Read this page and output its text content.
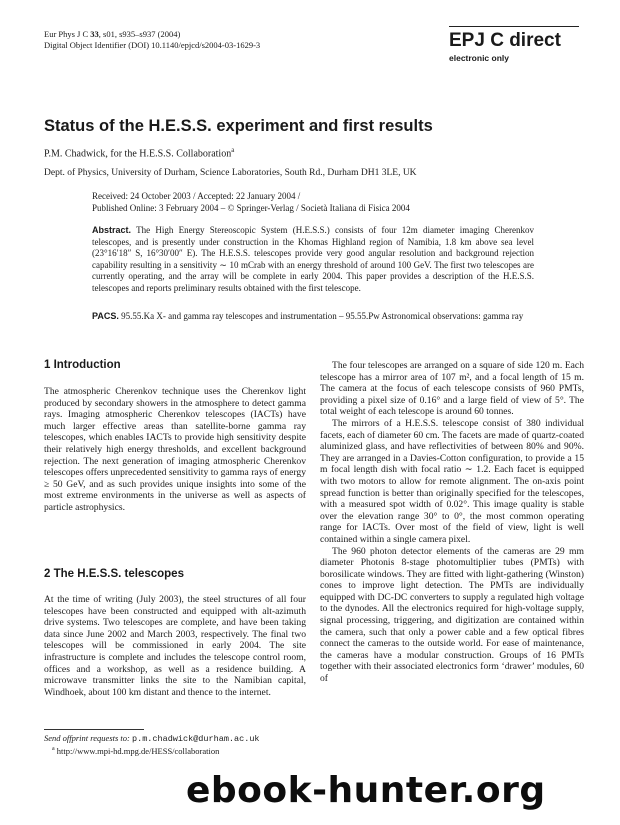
Eur Phys J C 33, s01, s935–s937 (2004)
Digital Object Identifier (DOI) 10.1140/epjcd/s2004-03-1629-3	EPJ C direct
electronic only
Status of the H.E.S.S. experiment and first results
P.M. Chadwick, for the H.E.S.S. Collaboration$^a$
Dept. of Physics, University of Durham, Science Laboratories, South Rd., Durham DH1 3LE, UK
Received: 24 October 2003 / Accepted: 22 January 2004 /
Published Online: 3 February 2004 – © Springer-Verlag / Società Italiana di Fisica 2004
Abstract. The High Energy Stereoscopic System (H.E.S.S.) consists of four 12m diameter imaging Cherenkov telescopes, and is presently under construction in the Khomas Highland region of Namibia, 1.8 km above sea level (23°16′18″ S, 16°30′00″ E). The H.E.S.S. telescopes provide very good angular resolution and background rejection capability resulting in a sensitivity ∼ 10 mCrab with an energy threshold of around 100 GeV. The first two telescopes are currently operating, and the array will be complete in early 2004. This paper provides a description of the H.E.S.S. telescopes and reports preliminary results obtained with the first telescope.
PACS. 95.55.Ka X- and gamma ray telescopes and instrumentation – 95.55.Pw Astronomical observations: gamma ray
1 Introduction

The atmospheric Cherenkov technique uses the Cherenkov light produced by secondary showers in the atmosphere to detect gamma rays. Imaging atmospheric Cherenkov telescopes (IACTs) have much larger effective areas than satellite-borne gamma ray telescopes, which enables IACTs to provide high sensitivity despite their relatively high energy thresholds, and excellent background rejection. The next generation of imaging atmospheric Cherenkov telescopes offers unprecedented sensitivity to gamma rays of energy ≥ 50 GeV, and as such provides unique insights into some of the most extreme environments in the universe as well as aspects of particle astrophysics.

2 The H.E.S.S. telescopes

At the time of writing (July 2003), the steel structures of all four telescopes have been constructed and equipped with alt-azimuth drive systems. Two telescopes are complete, and have been taking data since June 2002 and March 2003, respectively. The final two telescopes will be commissioned in early 2004. The site infrastructure is complete and includes the telescope control room, offices and a workshop, as well as a residence building. A microwave transmitter links the site to the Namibian capital, Windhoek, about 100 km distant and thence to the internet.

The four telescopes are arranged on a square of side 120 m. Each telescope has a mirror area of 107 m², and a focal length of 15 m. The camera at the focus of each telescope consists of 960 PMTs, providing a pixel size of 0.16° and a large field of view of 5°. The total weight of each telescope is around 60 tonnes.

The mirrors of a H.E.S.S. telescope consist of 380 individual facets, each of diameter 60 cm. The facets are made of quartz-coated aluminized glass, and have reflectivities of between 80% and 90%. They are arranged in a Davies-Cotton configuration, to provide a 15 m focal length dish with focal ratio ∼ 1.2. Each facet is equipped with two motors to allow for remote alignment. The on-axis point spread function is better than originally specified for the telescopes, with a measured spot width of 0.02°. This image quality is stable over the elevation range 30° to 0°, the most common operating range for IACTs. Over most of the field of view, light is well contained within a single camera pixel.

The 960 photon detector elements of the cameras are 29 mm diameter Photonis 8-stage photomultiplier tubes (PMTs) with borosilicate windows. They are fitted with light-gathering (Winston) cones to improve light detection. The PMTs are individually equipped with DC-DC converters to supply a regulated high voltage to the dynodes. All the electronics required for high-voltage supply, signal processing, triggering, and digitization are contained within the camera, such that only a power cable and a few optical fibres connect the cameras to the outside world. For ease of maintenance, the cameras have a modular construction. Groups of 16 PMTs together with their associated electronics form ‘drawer’ modules, 60 of

Send offprint requests to: p.m.chadwick@durham.ac.uk
$^a$ http://www.mpi-hd.mpg.de/HESS/collaboration
ebook-hunter.org
